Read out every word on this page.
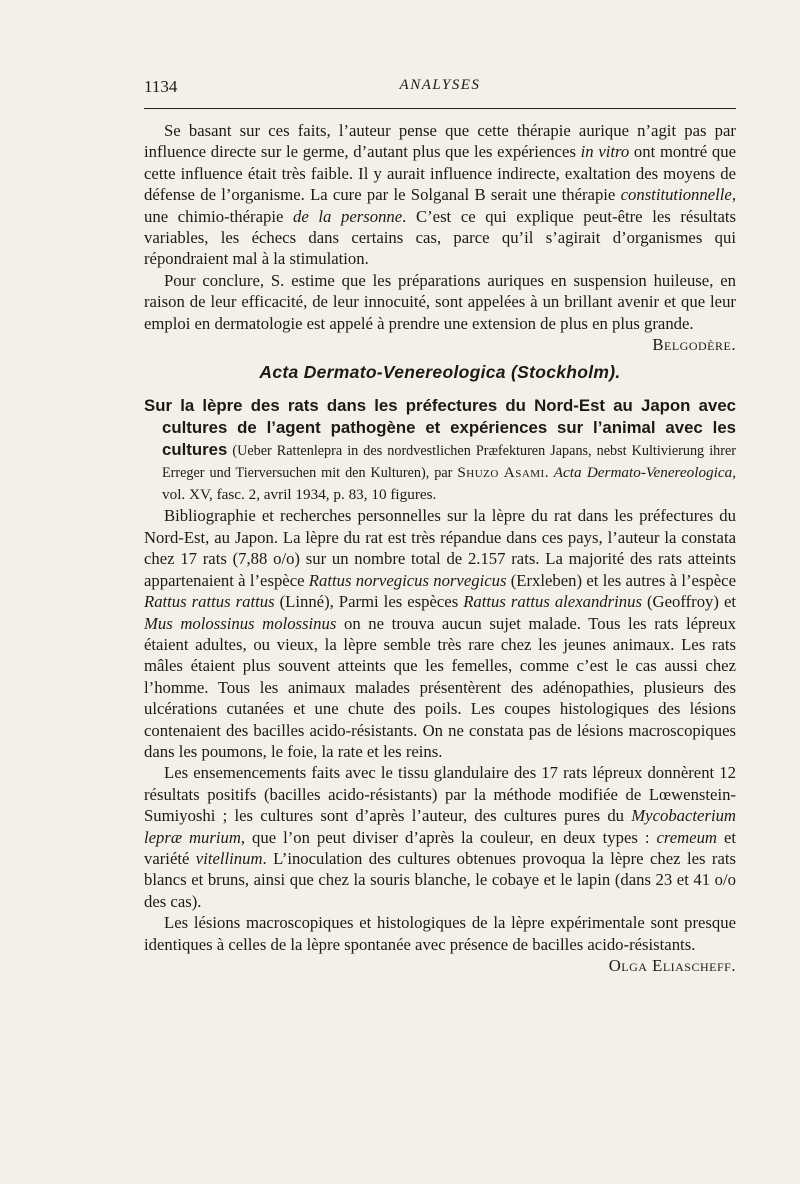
1134	ANALYSES

Se basant sur ces faits, l’auteur pense que cette thérapie aurique n’agit pas par influence directe sur le germe, d’autant plus que les expériences in vitro ont montré que cette influence était très faible. Il y aurait influence indirecte, exaltation des moyens de défense de l’organisme. La cure par le Solganal B serait une thérapie constitutionnelle, une chimio-thérapie de la personne. C’est ce qui explique peut-être les résultats variables, les échecs dans certains cas, parce qu’il s’agirait d’organismes qui répondraient mal à la stimulation.

Pour conclure, S. estime que les préparations auriques en suspension huileuse, en raison de leur efficacité, de leur innocuité, sont appelées à un brillant avenir et que leur emploi en dermatologie est appelé à prendre une extension de plus en plus grande.
Belgodère.

Acta Dermato-Venereologica (Stockholm).

Sur la lèpre des rats dans les préfectures du Nord-Est au Japon avec cultures de l’agent pathogène et expériences sur l’animal avec les cultures (Ueber Rattenlepra in des nordvestlichen Præfekturen Japans, nebst Kultivierung ihrer Erreger und Tierversuchen mit den Kulturen), par Shuzo Asami. Acta Dermato-Venereologica, vol. XV, fasc. 2, avril 1934, p. 83, 10 figures.

Bibliographie et recherches personnelles sur la lèpre du rat dans les préfectures du Nord-Est, au Japon. La lèpre du rat est très répandue dans ces pays, l’auteur la constata chez 17 rats (7,88 o/o) sur un nombre total de 2.157 rats. La majorité des rats atteints appartenaient à l’espèce Rattus norvegicus norvegicus (Erxleben) et les autres à l’espèce Rattus rattus rattus (Linné), Parmi les espèces Rattus rattus alexandrinus (Geoffroy) et Mus molossinus molossinus on ne trouva aucun sujet malade. Tous les rats lépreux étaient adultes, ou vieux, la lèpre semble très rare chez les jeunes animaux. Les rats mâles étaient plus souvent atteints que les femelles, comme c’est le cas aussi chez l’homme. Tous les animaux malades présentèrent des adénopathies, plusieurs des ulcérations cutanées et une chute des poils. Les coupes histologiques des lésions contenaient des bacilles acido-résistants. On ne constata pas de lésions macroscopiques dans les poumons, le foie, la rate et les reins.

Les ensemencements faits avec le tissu glandulaire des 17 rats lépreux donnèrent 12 résultats positifs (bacilles acido-résistants) par la méthode modifiée de Lœwenstein-Sumiyoshi ; les cultures sont d’après l’auteur, des cultures pures du Mycobacterium lepræ murium, que l’on peut diviser d’après la couleur, en deux types : cremeum et variété vitellinum. L’inoculation des cultures obtenues provoqua la lèpre chez les rats blancs et bruns, ainsi que chez la souris blanche, le cobaye et le lapin (dans 23 et 41 o/o des cas).

Les lésions macroscopiques et histologiques de la lèpre expérimentale sont presque identiques à celles de la lèpre spontanée avec présence de bacilles acido-résistants.
Olga Eliascheff.
